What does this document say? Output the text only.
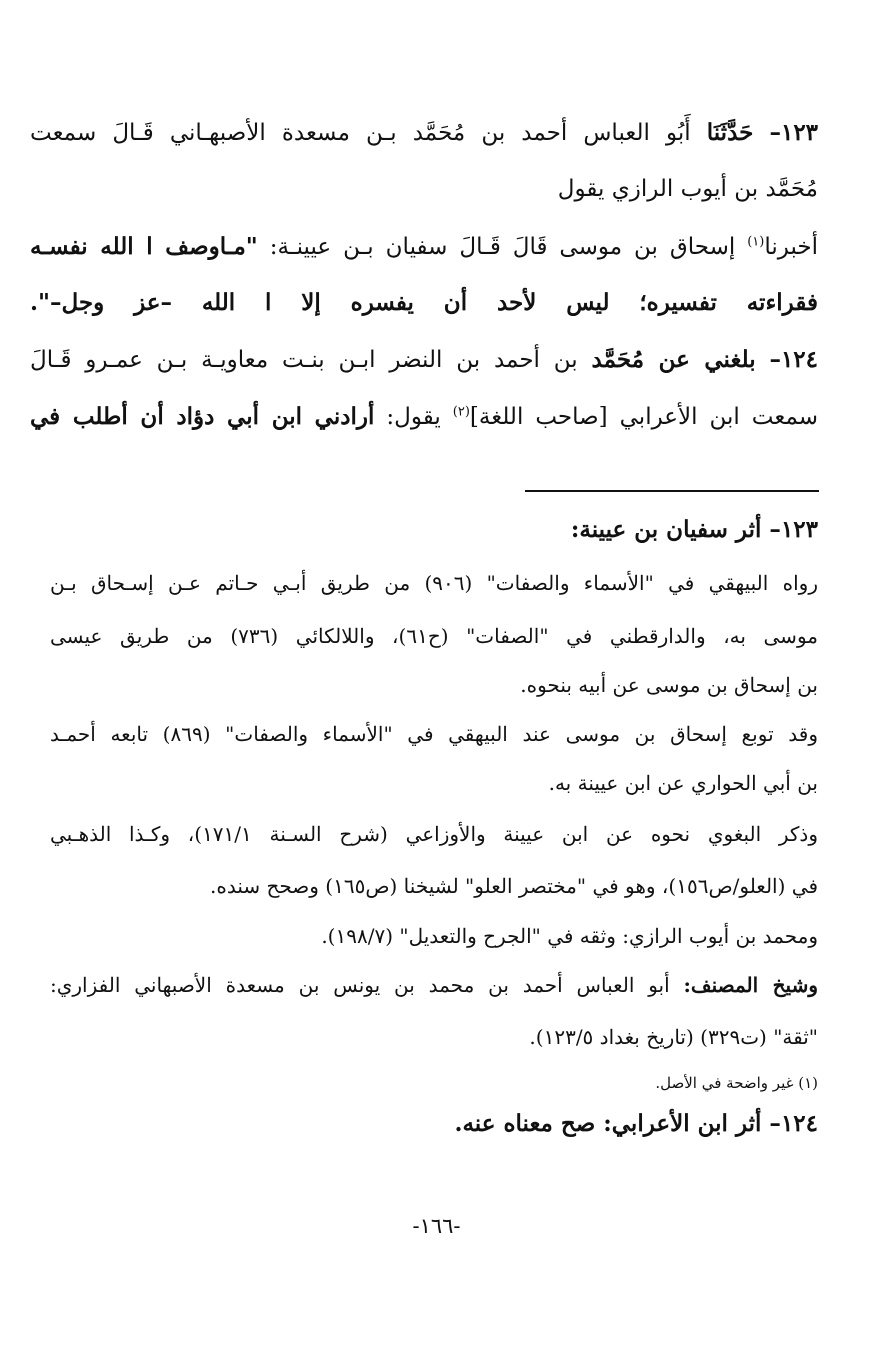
١٢٣– حَدَّثَنَا أَبُو العباس أحمد بن مُحَمَّد بـن مسعدة الأصبهـاني قَـالَ سمعت
مُحَمَّد بن أيوب الرازي يقول
أخبرنا$^{(١)}$ إسحاق بن موسى قَالَ قَـالَ سفيان بـن عيينـة: "مـاوصف ا الله نفسـه
فقراءته تفسيره؛ ليس لأحد أن يفسره إلا ا الله –عز وجل–".
١٢٤– بلغني عن مُحَمَّد بن أحمد بن النضر ابـن بنـت معاويـة بـن عمـرو قَـالَ
سمعت ابن الأعرابي [صاحب اللغة]$^{(٢)}$ يقول: أرادني ابن أبي دؤاد أن أطلب في
١٢٣– أثر سفيان بن عيينة:
رواه البيهقي في "الأسماء والصفات" (٩٠٦) من طريق أبـي حـاتم عـن إسـحاق بـن
موسى به، والدارقطني في "الصفات" (ح٦١)، واللالكائي (٧٣٦) من طريق عيسى
بن إسحاق بن موسى عن أبيه بنحوه.
وقد توبع إسحاق بن موسى عند البيهقي في "الأسماء والصفات" (٨٦٩) تابعه أحمـد
بن أبي الحواري عن ابن عيينة به.
وذكر البغوي نحوه عن ابن عيينة والأوزاعي (شرح السـنة ١٧١/١)، وكـذا الذهـبي
في (العلو/ص١٥٦)، وهو في "مختصر العلو" لشيخنا (ص١٦٥) وصحح سنده.
ومحمد بن أيوب الرازي: وثقه في "الجرح والتعديل" (١٩٨/٧).
وشيخ المصنف: أبو العباس أحمد بن محمد بن يونس بن مسعدة الأصبهاني الفزاري:
"ثقة" (ت٣٢٩) (تاريخ بغداد ١٢٣/٥).
(١) غير واضحة في الأصل.
١٢٤– أثر ابن الأعرابي: صح معناه عنه.
-١٦٦-
